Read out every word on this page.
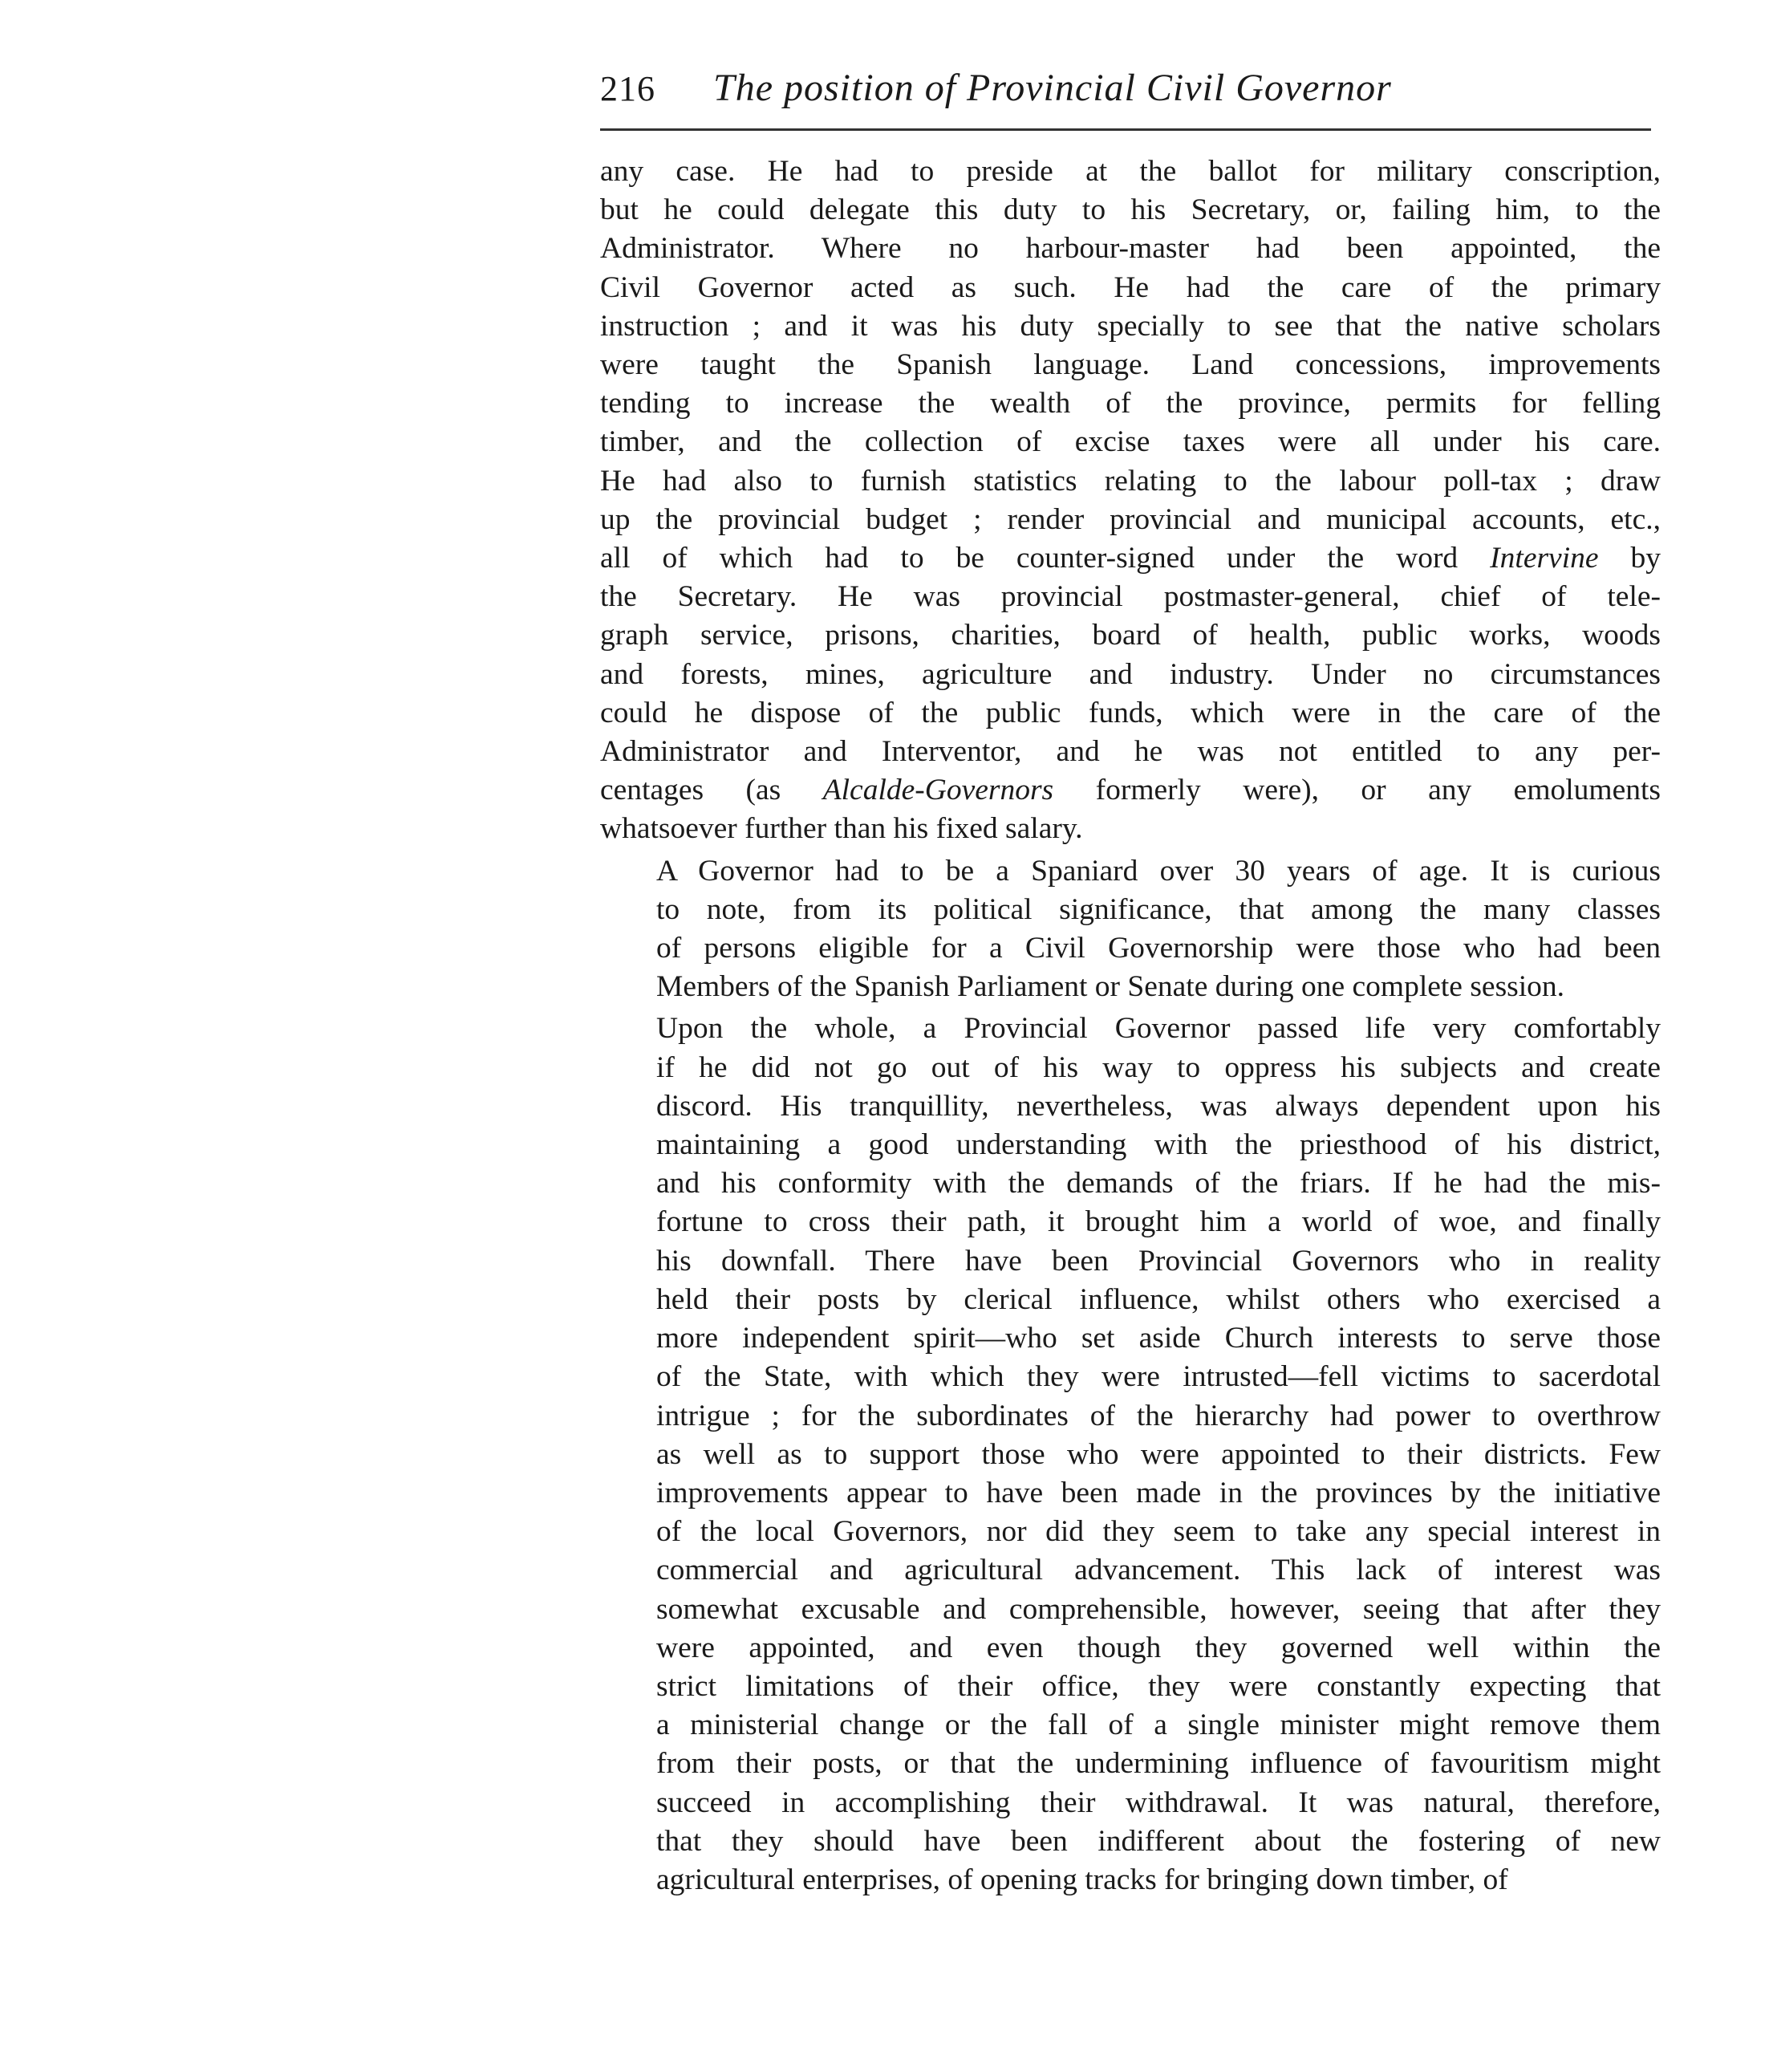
216 The position of Provincial Civil Governor

any case. He had to preside at the ballot for military conscription,
but he could delegate this duty to his Secretary, or, failing him, to the
Administrator. Where no harbour-master had been appointed, the
Civil Governor acted as such. He had the care of the primary
instruction ; and it was his duty specially to see that the native scholars
were taught the Spanish language. Land concessions, improvements
tending to increase the wealth of the province, permits for felling
timber, and the collection of excise taxes were all under his care.
He had also to furnish statistics relating to the labour poll-tax ; draw
up the provincial budget ; render provincial and municipal accounts, etc.,
all of which had to be counter-signed under the word Intervine by
the Secretary. He was provincial postmaster-general, chief of tele-
graph service, prisons, charities, board of health, public works, woods
and forests, mines, agriculture and industry. Under no circumstances
could he dispose of the public funds, which were in the care of the
Administrator and Interventor, and he was not entitled to any per-
centages (as Alcalde-Governors formerly were), or any emoluments
whatsoever further than his fixed salary.

A Governor had to be a Spaniard over 30 years of age. It is curious
to note, from its political significance, that among the many classes
of persons eligible for a Civil Governorship were those who had been
Members of the Spanish Parliament or Senate during one complete session.

Upon the whole, a Provincial Governor passed life very comfortably
if he did not go out of his way to oppress his subjects and create
discord. His tranquillity, nevertheless, was always dependent upon his
maintaining a good understanding with the priesthood of his district,
and his conformity with the demands of the friars. If he had the mis-
fortune to cross their path, it brought him a world of woe, and finally
his downfall. There have been Provincial Governors who in reality
held their posts by clerical influence, whilst others who exercised a
more independent spirit—who set aside Church interests to serve those
of the State, with which they were intrusted—fell victims to sacerdotal
intrigue ; for the subordinates of the hierarchy had power to overthrow
as well as to support those who were appointed to their districts. Few
improvements appear to have been made in the provinces by the initiative
of the local Governors, nor did they seem to take any special interest in
commercial and agricultural advancement. This lack of interest was
somewhat excusable and comprehensible, however, seeing that after they
were appointed, and even though they governed well within the
strict limitations of their office, they were constantly expecting that
a ministerial change or the fall of a single minister might remove them
from their posts, or that the undermining influence of favouritism might
succeed in accomplishing their withdrawal. It was natural, therefore,
that they should have been indifferent about the fostering of new
agricultural enterprises, of opening tracks for bringing down timber, of
